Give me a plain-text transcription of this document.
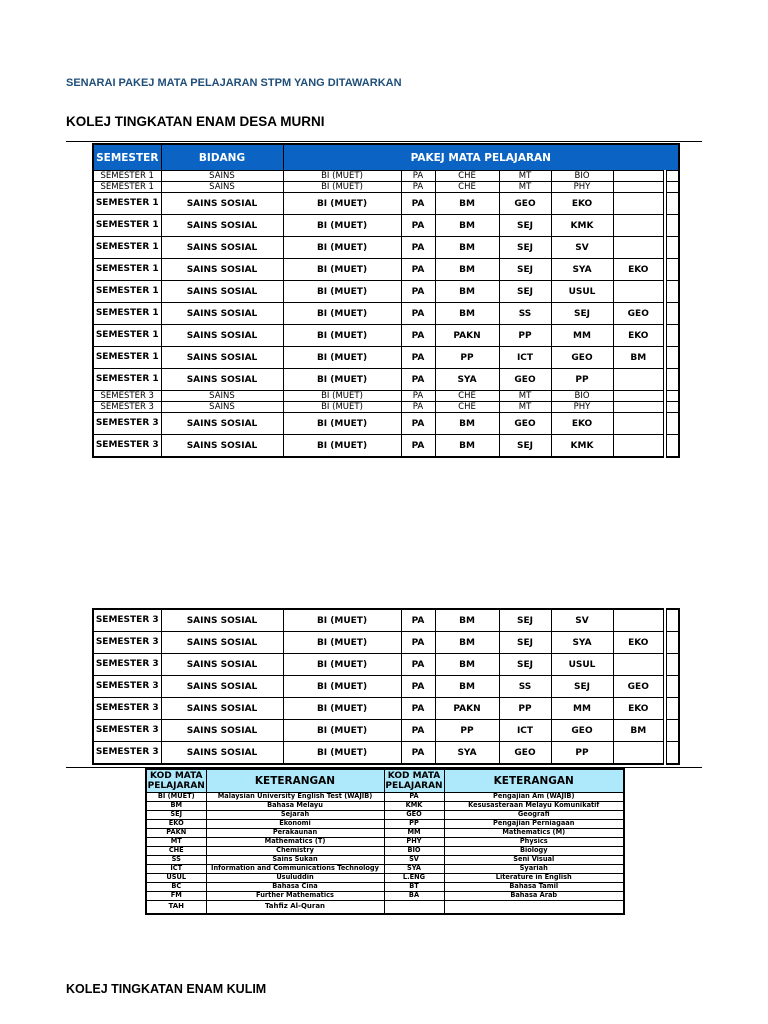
SENARAI PAKEJ MATA PELAJARAN STPM YANG DITAWARKAN
KOLEJ TINGKATAN ENAM DESA MURNI
SEMESTER	BIDANG	PAKEJ MATA PELAJARAN						
SEMESTER 1	SAINS	BI (MUET)	PA	CHE	MT	BIO		
SEMESTER 1	SAINS	BI (MUET)	PA	CHE	MT	PHY		
SEMESTER 1	SAINS SOSIAL	BI (MUET)	PA	BM	GEO	EKO		
SEMESTER 1	SAINS SOSIAL	BI (MUET)	PA	BM	SEJ	KMK		
SEMESTER 1	SAINS SOSIAL	BI (MUET)	PA	BM	SEJ	SV		
SEMESTER 1	SAINS SOSIAL	BI (MUET)	PA	BM	SEJ	SYA	EKO	
SEMESTER 1	SAINS SOSIAL	BI (MUET)	PA	BM	SEJ	USUL		
SEMESTER 1	SAINS SOSIAL	BI (MUET)	PA	BM	SS	SEJ	GEO	
SEMESTER 1	SAINS SOSIAL	BI (MUET)	PA	PAKN	PP	MM	EKO	
SEMESTER 1	SAINS SOSIAL	BI (MUET)	PA	PP	ICT	GEO	BM	
SEMESTER 1	SAINS SOSIAL	BI (MUET)	PA	SYA	GEO	PP		
SEMESTER 3	SAINS	BI (MUET)	PA	CHE	MT	BIO		
SEMESTER 3	SAINS	BI (MUET)	PA	CHE	MT	PHY		
SEMESTER 3	SAINS SOSIAL	BI (MUET)	PA	BM	GEO	EKO		
SEMESTER 3	SAINS SOSIAL	BI (MUET)	PA	BM	SEJ	KMK		
SEMESTER 3	SAINS SOSIAL	BI (MUET)	PA	BM	SEJ	SV		
SEMESTER 3	SAINS SOSIAL	BI (MUET)	PA	BM	SEJ	SYA	EKO	
SEMESTER 3	SAINS SOSIAL	BI (MUET)	PA	BM	SEJ	USUL		
SEMESTER 3	SAINS SOSIAL	BI (MUET)	PA	BM	SS	SEJ	GEO	
SEMESTER 3	SAINS SOSIAL	BI (MUET)	PA	PAKN	PP	MM	EKO	
SEMESTER 3	SAINS SOSIAL	BI (MUET)	PA	PP	ICT	GEO	BM	
SEMESTER 3	SAINS SOSIAL	BI (MUET)	PA	SYA	GEO	PP		
KOD MATA PELAJARAN	KETERANGAN	KOD MATA PELAJARAN	KETERANGAN
BI (MUET)	Malaysian University English Test (WAJIB)	PA	Pengajian Am (WAJIB)
BM	Bahasa Melayu	KMK	Kesusasteraan Melayu Komunikatif
SEJ	Sejarah	GEO	Geografi
EKO	Ekonomi	PP	Pengajian Perniagaan
PAKN	Perakaunan	MM	Mathematics (M)
MT	Mathematics (T)	PHY	Physics
CHE	Chemistry	BIO	Biology
SS	Sains Sukan	SV	Seni Visual
ICT	Information and Communications Technology	SYA	Syariah
USUL	Usuluddin	L.ENG	Literature in English
BC	Bahasa Cina	BT	Bahasa Tamil
FM	Further Mathematics	BA	Bahasa Arab
TAH	Tahfiz Al-Quran		
KOLEJ TINGKATAN ENAM KULIM
